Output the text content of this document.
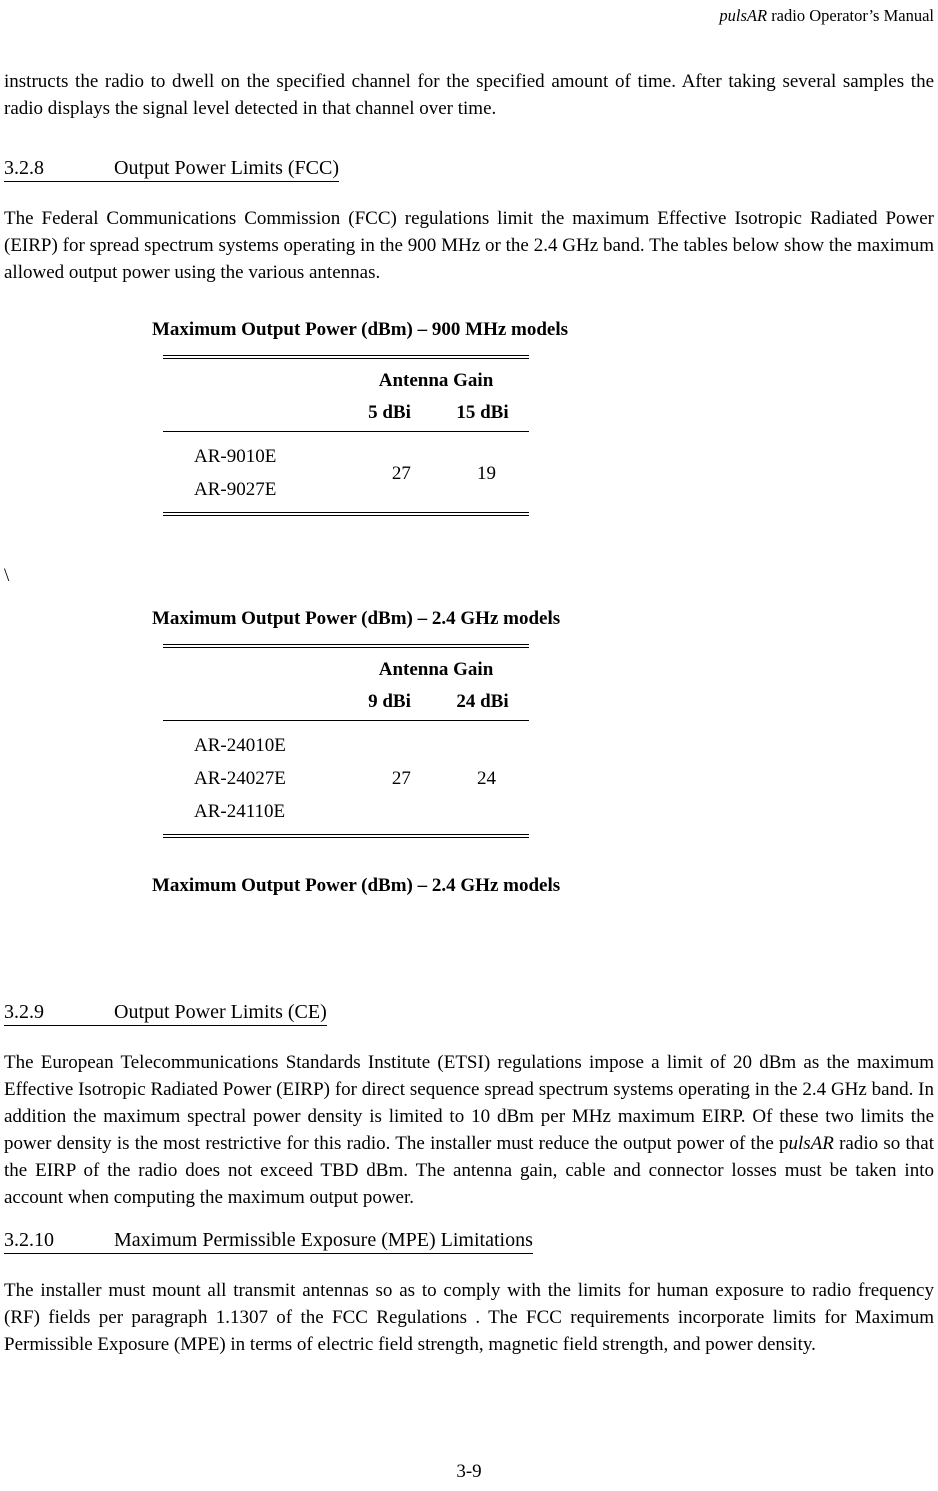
pulsAR radio Operator’s Manual

instructs the radio to dwell on the specified channel for the specified amount of time. After taking several samples the radio displays the signal level detected in that channel over time.

3.2.8	Output Power Limits (FCC)

The Federal Communications Commission (FCC) regulations limit the maximum Effective Isotropic Radiated Power (EIRP) for spread spectrum systems operating in the 900 MHz or the 2.4 GHz band. The tables below show the maximum allowed output power using the various antennas.

Maximum Output Power (dBm) – 900 MHz models
Antenna Gain
5 dBi	15 dBi
AR-9010E
AR-9027E
27	19

\

Maximum Output Power (dBm) – 2.4 GHz models
Antenna Gain
9 dBi	24 dBi
AR-24010E
AR-24027E
AR-24110E
27	24
Maximum Output Power (dBm) – 2.4 GHz models
3.2.9	Output Power Limits (CE)

The European Telecommunications Standards Institute (ETSI) regulations impose a limit of 20 dBm as the maximum Effective Isotropic Radiated Power (EIRP) for direct sequence spread spectrum systems operating in the 2.4 GHz band. In addition the maximum spectral power density is limited to 10 dBm per MHz maximum EIRP. Of these two limits the power density is the most restrictive for this radio. The installer must reduce the output power of the pulsAR radio so that the EIRP of the radio does not exceed TBD dBm. The antenna gain, cable and connector losses must be taken into account when computing the maximum output power.

3.2.10	Maximum Permissible Exposure (MPE) Limitations

The installer must mount all transmit antennas so as to comply with the limits for human exposure to radio frequency (RF) fields per paragraph 1.1307 of the FCC Regulations . The FCC requirements incorporate limits for Maximum Permissible Exposure (MPE) in terms of electric field strength, magnetic field strength, and power density.

3-9
